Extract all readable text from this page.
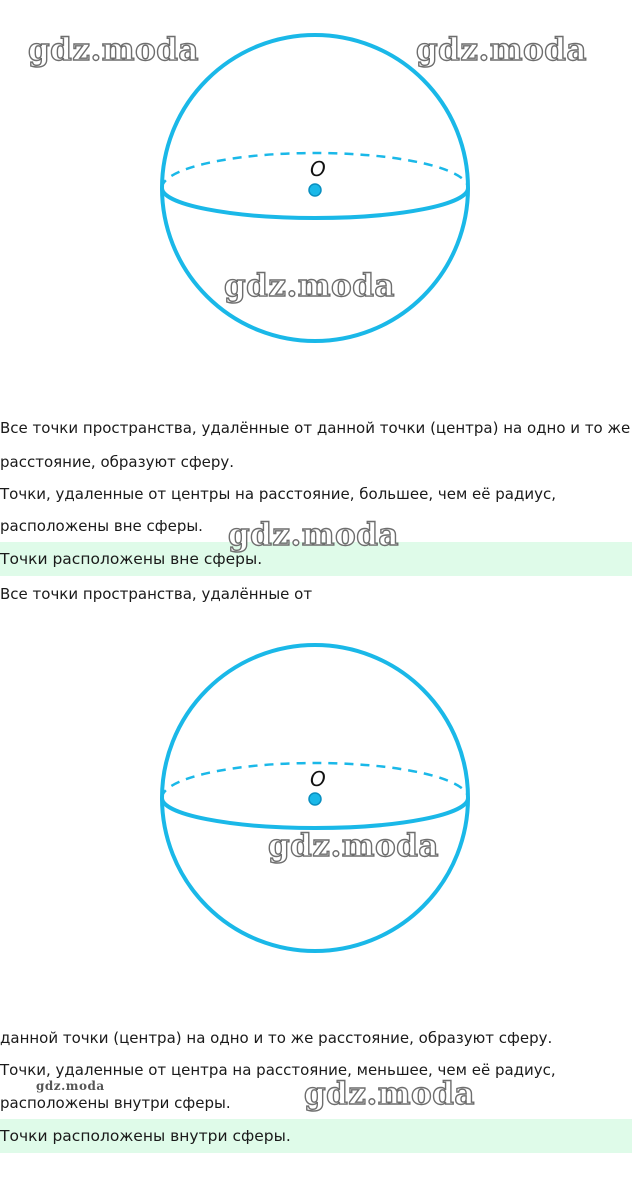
O
Все точки пространства, удалённые от данной точки (центра) на одно и то же
расстояние, образуют сферу.
Точки, удаленные от центры на расстояние, большее, чем её радиус,
расположены вне сферы.
Точки расположены вне сферы.
Все точки пространства, удалённые от
O
данной точки (центра) на одно и то же расстояние, образуют сферу.
Точки, удаленные от центра на расстояние, меньшее, чем её радиус,
расположены внутри сферы.
Точки расположены внутри сферы.
gdz.moda	gdz.moda
gdz.moda
gdz.moda
gdz.moda
gdz.moda	gdz.moda
